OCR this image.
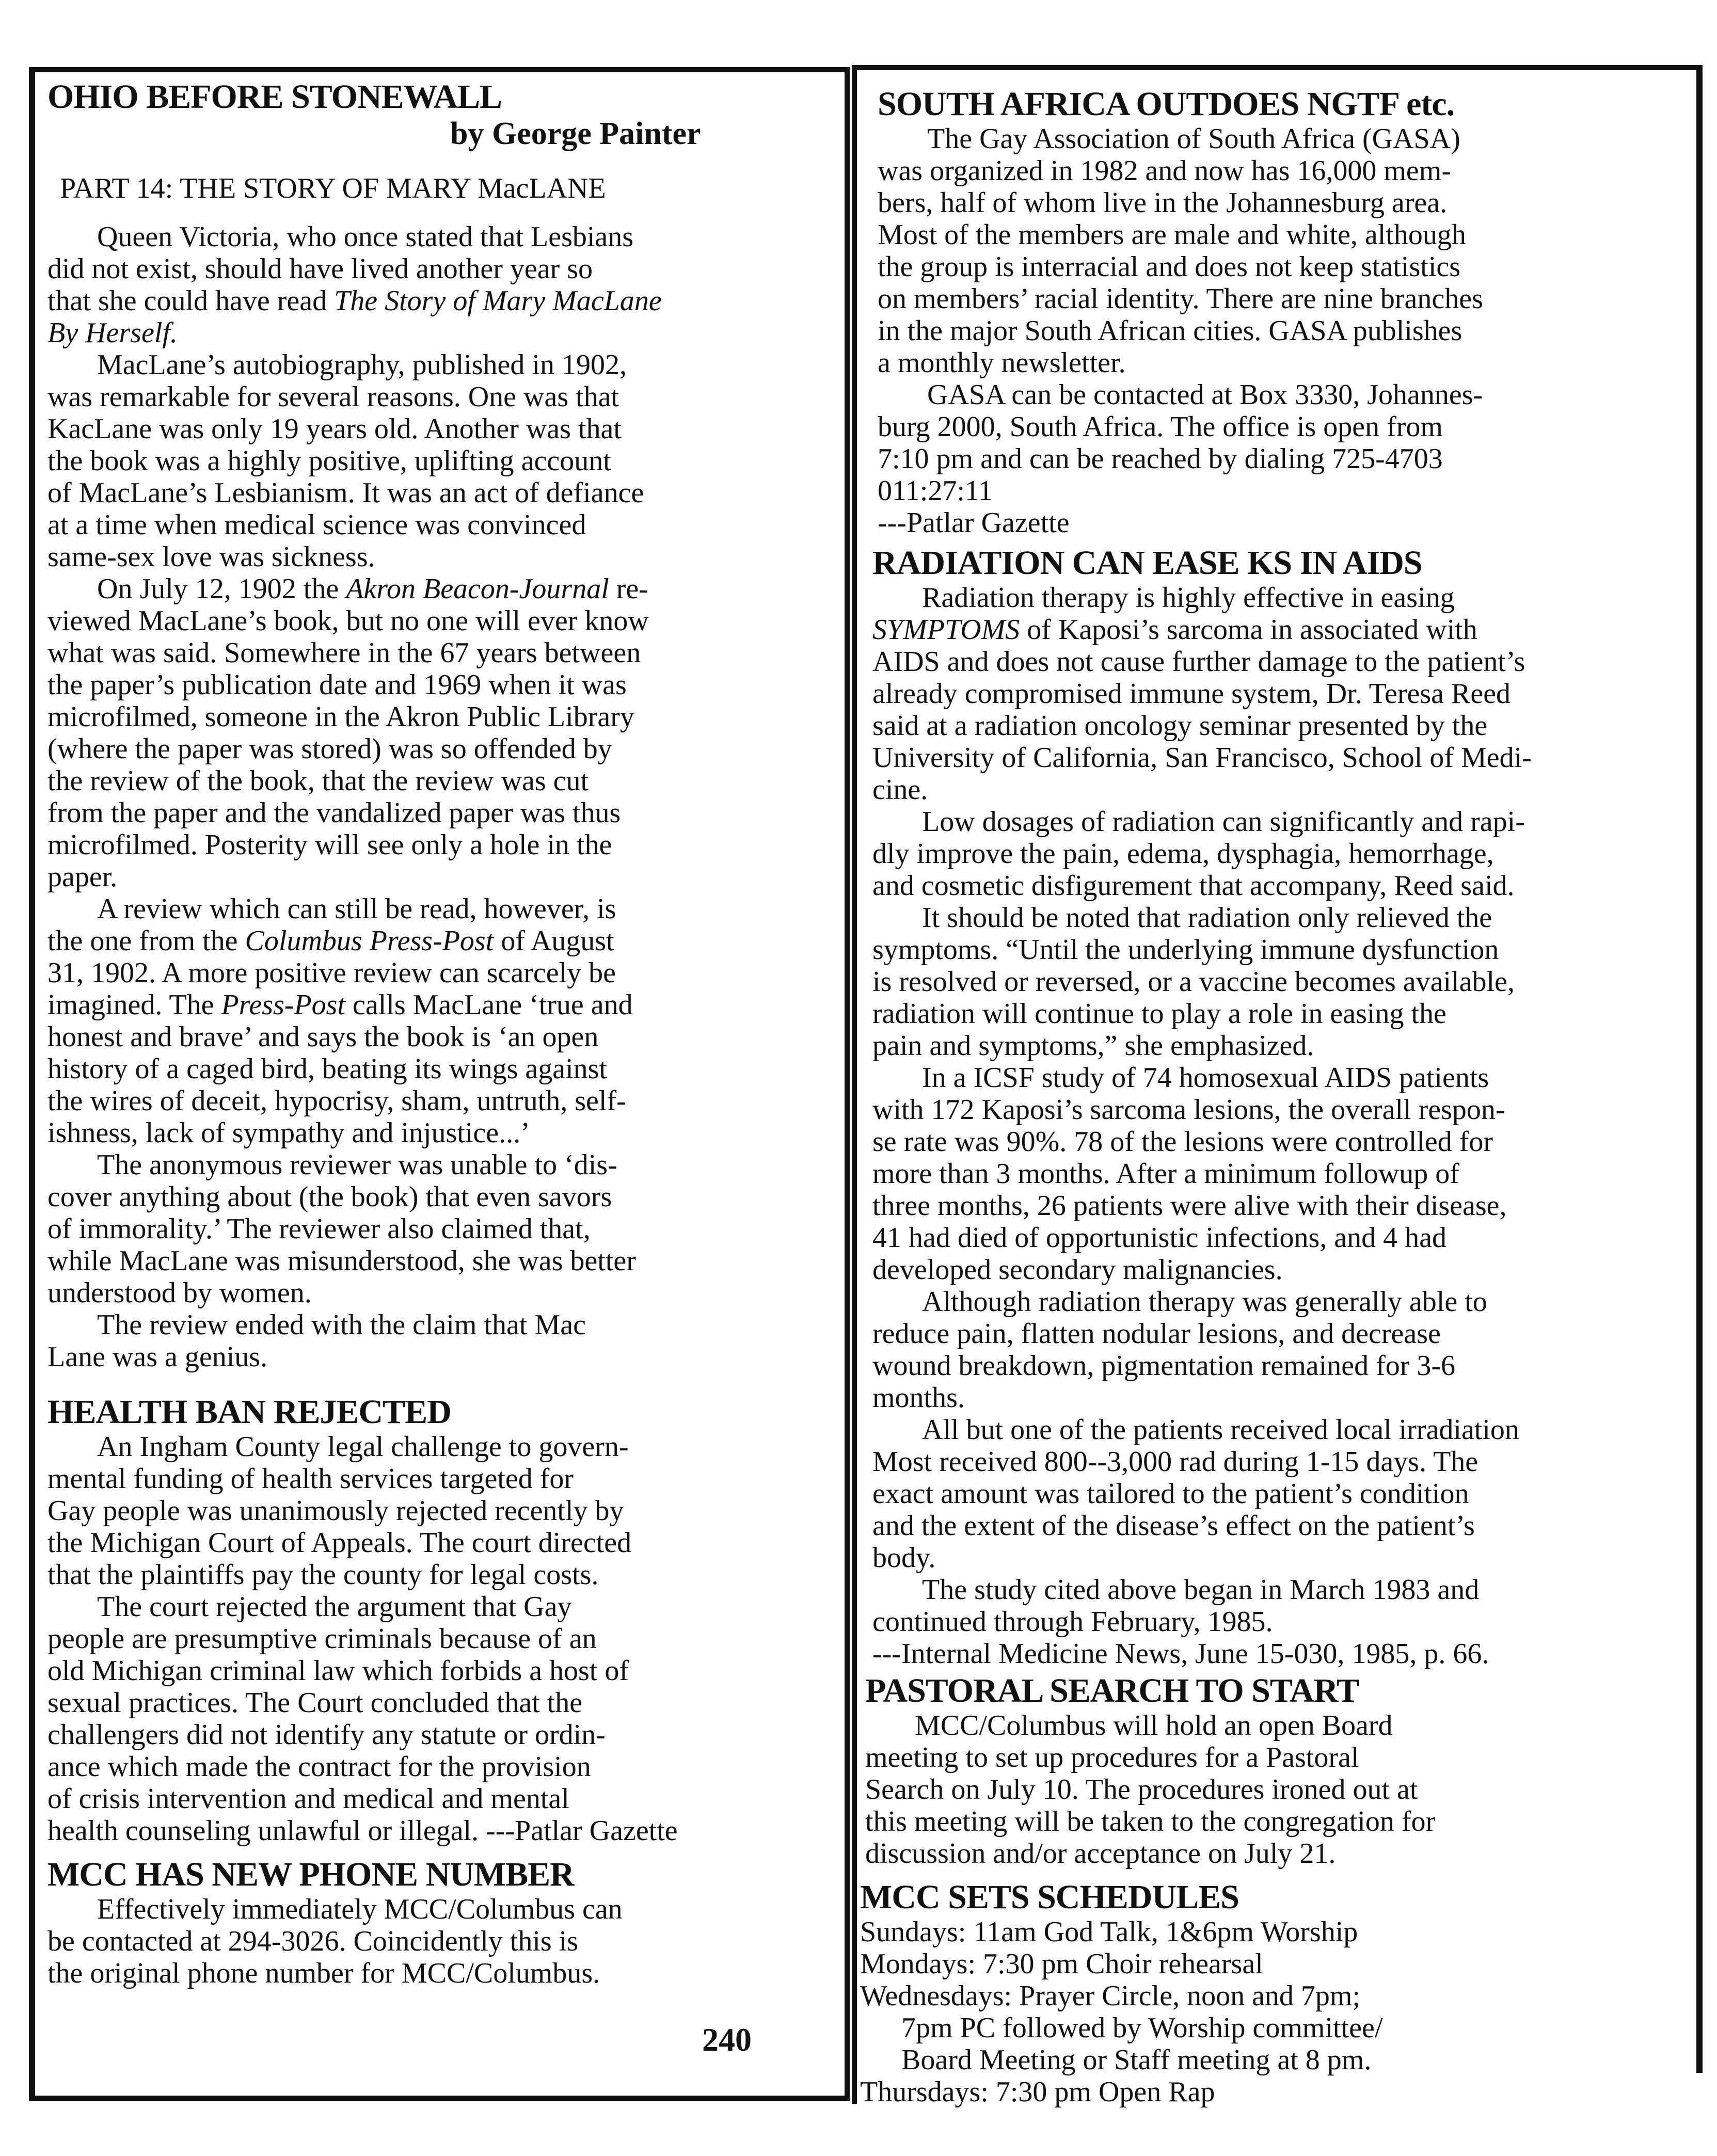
OHIO BEFORE STONEWALL
by George Painter
PART 14: THE STORY OF MARY MacLANE
Queen Victoria, who once stated that Lesbians
did not exist, should have lived another year so
that she could have read The Story of Mary MacLane
By Herself.
MacLane’s autobiography, published in 1902,
was remarkable for several reasons. One was that
KacLane was only 19 years old. Another was that
the book was a highly positive, uplifting account
of MacLane’s Lesbianism. It was an act of defiance
at a time when medical science was convinced
same-sex love was sickness.
On July 12, 1902 the Akron Beacon-Journal re-
viewed MacLane’s book, but no one will ever know
what was said. Somewhere in the 67 years between
the paper’s publication date and 1969 when it was
microfilmed, someone in the Akron Public Library
(where the paper was stored) was so offended by
the review of the book, that the review was cut
from the paper and the vandalized paper was thus
microfilmed. Posterity will see only a hole in the
paper.
A review which can still be read, however, is
the one from the Columbus Press-Post of August
31, 1902. A more positive review can scarcely be
imagined. The Press-Post calls MacLane ‘true and
honest and brave’ and says the book is ‘an open
history of a caged bird, beating its wings against
the wires of deceit, hypocrisy, sham, untruth, self-
ishness, lack of sympathy and injustice...’
The anonymous reviewer was unable to ‘dis-
cover anything about (the book) that even savors
of immorality.’ The reviewer also claimed that,
while MacLane was misunderstood, she was better
understood by women.
The review ended with the claim that Mac
Lane was a genius.
HEALTH BAN REJECTED
An Ingham County legal challenge to govern-
mental funding of health services targeted for
Gay people was unanimously rejected recently by
the Michigan Court of Appeals. The court directed
that the plaintiffs pay the county for legal costs.
The court rejected the argument that Gay
people are presumptive criminals because of an
old Michigan criminal law which forbids a host of
sexual practices. The Court concluded that the
challengers did not identify any statute or ordin-
ance which made the contract for the provision
of crisis intervention and medical and mental
health counseling unlawful or illegal. ---Patlar Gazette
MCC HAS NEW PHONE NUMBER
Effectively immediately MCC/Columbus can
be contacted at 294-3026. Coincidently this is
the original phone number for MCC/Columbus.
240
SOUTH AFRICA OUTDOES NGTF etc.
The Gay Association of South Africa (GASA)
was organized in 1982 and now has 16,000 mem-
bers, half of whom live in the Johannesburg area.
Most of the members are male and white, although
the group is interracial and does not keep statistics
on members’ racial identity. There are nine branches
in the major South African cities. GASA publishes
a monthly newsletter.
GASA can be contacted at Box 3330, Johannes-
burg 2000, South Africa. The office is open from
7:10 pm and can be reached by dialing 725-4703
011:27:11
---Patlar Gazette
RADIATION CAN EASE KS IN AIDS
Radiation therapy is highly effective in easing
SYMPTOMS of Kaposi’s sarcoma in associated with
AIDS and does not cause further damage to the patient’s
already compromised immune system, Dr. Teresa Reed
said at a radiation oncology seminar presented by the
University of California, San Francisco, School of Medi-
cine.
Low dosages of radiation can significantly and rapi-
dly improve the pain, edema, dysphagia, hemorrhage,
and cosmetic disfigurement that accompany, Reed said.
It should be noted that radiation only relieved the
symptoms. “Until the underlying immune dysfunction
is resolved or reversed, or a vaccine becomes available,
radiation will continue to play a role in easing the
pain and symptoms,” she emphasized.
In a ICSF study of 74 homosexual AIDS patients
with 172 Kaposi’s sarcoma lesions, the overall respon-
se rate was 90%. 78 of the lesions were controlled for
more than 3 months. After a minimum followup of
three months, 26 patients were alive with their disease,
41 had died of opportunistic infections, and 4 had
developed secondary malignancies.
Although radiation therapy was generally able to
reduce pain, flatten nodular lesions, and decrease
wound breakdown, pigmentation remained for 3-6
months.
All but one of the patients received local irradiation
Most received 800--3,000 rad during 1-15 days. The
exact amount was tailored to the patient’s condition
and the extent of the disease’s effect on the patient’s
body.
The study cited above began in March 1983 and
continued through February, 1985.
---Internal Medicine News, June 15-030, 1985, p. 66.
PASTORAL SEARCH TO START
MCC/Columbus will hold an open Board
meeting to set up procedures for a Pastoral
Search on July 10. The procedures ironed out at
this meeting will be taken to the congregation for
discussion and/or acceptance on July 21.
MCC SETS SCHEDULES
Sundays: 11am God Talk, 1&6pm Worship
Mondays: 7:30 pm Choir rehearsal
Wednesdays: Prayer Circle, noon and 7pm;
7pm PC followed by Worship committee/
Board Meeting or Staff meeting at 8 pm.
Thursdays: 7:30 pm Open Rap
